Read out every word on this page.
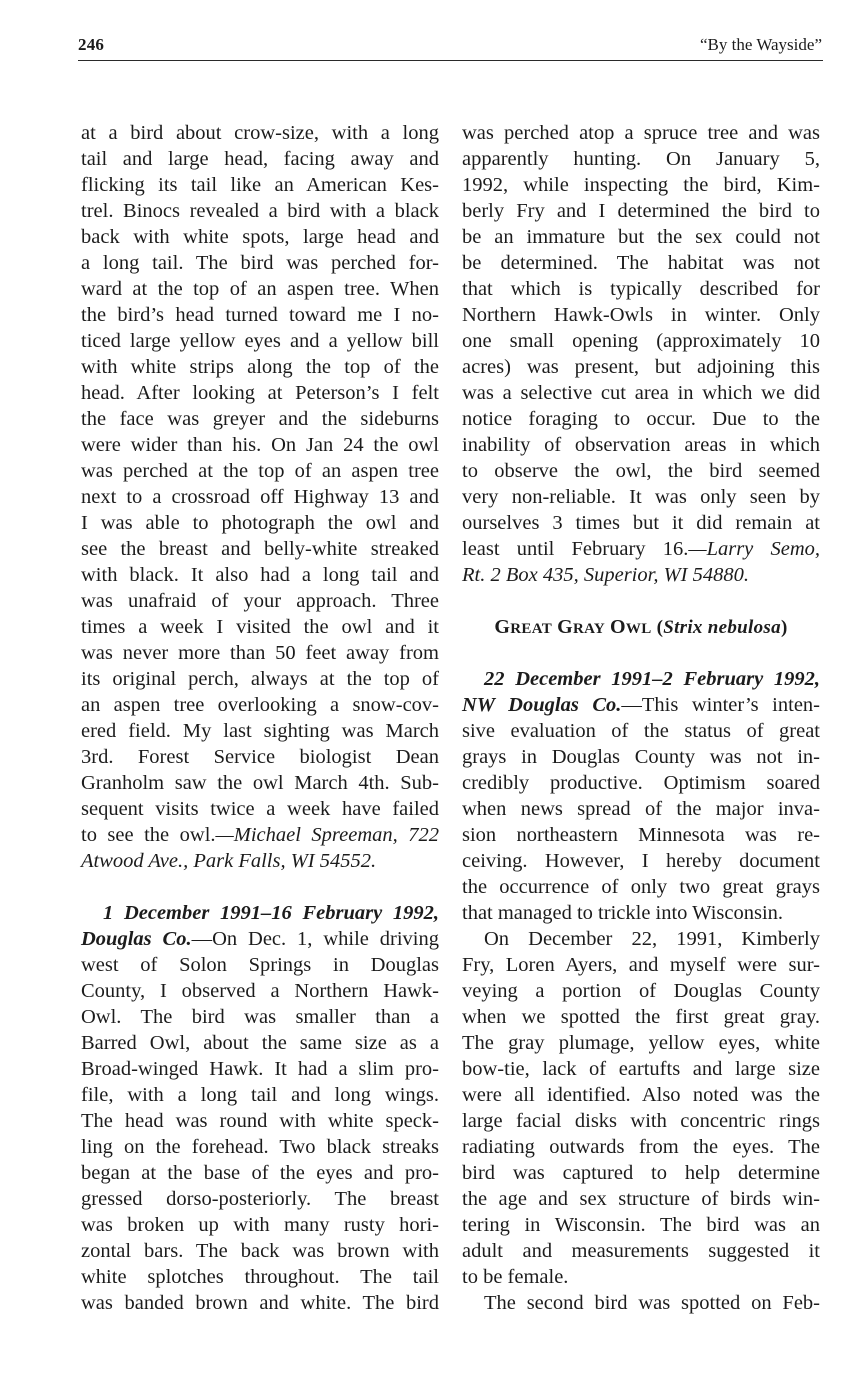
246	“By the Wayside”
at a bird about crow-size, with a long
tail and large head, facing away and
flicking its tail like an American Kes-
trel. Binocs revealed a bird with a black
back with white spots, large head and
a long tail. The bird was perched for-
ward at the top of an aspen tree. When
the bird’s head turned toward me I no-
ticed large yellow eyes and a yellow bill
with white strips along the top of the
head. After looking at Peterson’s I felt
the face was greyer and the sideburns
were wider than his. On Jan 24 the owl
was perched at the top of an aspen tree
next to a crossroad off Highway 13 and
I was able to photograph the owl and
see the breast and belly-white streaked
with black. It also had a long tail and
was unafraid of your approach. Three
times a week I visited the owl and it
was never more than 50 feet away from
its original perch, always at the top of
an aspen tree overlooking a snow-cov-
ered field. My last sighting was March
3rd. Forest Service biologist Dean
Granholm saw the owl March 4th. Sub-
sequent visits twice a week have failed
to see the owl.—Michael Spreeman, 722
Atwood Ave., Park Falls, WI 54552.
1 December 1991–16 February 1992,
Douglas Co.—On Dec. 1, while driving
west of Solon Springs in Douglas
County, I observed a Northern Hawk-
Owl. The bird was smaller than a
Barred Owl, about the same size as a
Broad-winged Hawk. It had a slim pro-
file, with a long tail and long wings.
The head was round with white speck-
ling on the forehead. Two black streaks
began at the base of the eyes and pro-
gressed dorso-posteriorly. The breast
was broken up with many rusty hori-
zontal bars. The back was brown with
white splotches throughout. The tail
was banded brown and white. The bird
was perched atop a spruce tree and was
apparently hunting. On January 5,
1992, while inspecting the bird, Kim-
berly Fry and I determined the bird to
be an immature but the sex could not
be determined. The habitat was not
that which is typically described for
Northern Hawk-Owls in winter. Only
one small opening (approximately 10
acres) was present, but adjoining this
was a selective cut area in which we did
notice foraging to occur. Due to the
inability of observation areas in which
to observe the owl, the bird seemed
very non-reliable. It was only seen by
ourselves 3 times but it did remain at
least until February 16.—Larry Semo,
Rt. 2 Box 435, Superior, WI 54880.
GREAT GRAY OWL (Strix nebulosa)
22 December 1991–2 February 1992,
NW Douglas Co.—This winter’s inten-
sive evaluation of the status of great
grays in Douglas County was not in-
credibly productive. Optimism soared
when news spread of the major inva-
sion northeastern Minnesota was re-
ceiving. However, I hereby document
the occurrence of only two great grays
that managed to trickle into Wisconsin.
On December 22, 1991, Kimberly
Fry, Loren Ayers, and myself were sur-
veying a portion of Douglas County
when we spotted the first great gray.
The gray plumage, yellow eyes, white
bow-tie, lack of eartufts and large size
were all identified. Also noted was the
large facial disks with concentric rings
radiating outwards from the eyes. The
bird was captured to help determine
the age and sex structure of birds win-
tering in Wisconsin. The bird was an
adult and measurements suggested it
to be female.
The second bird was spotted on Feb-
